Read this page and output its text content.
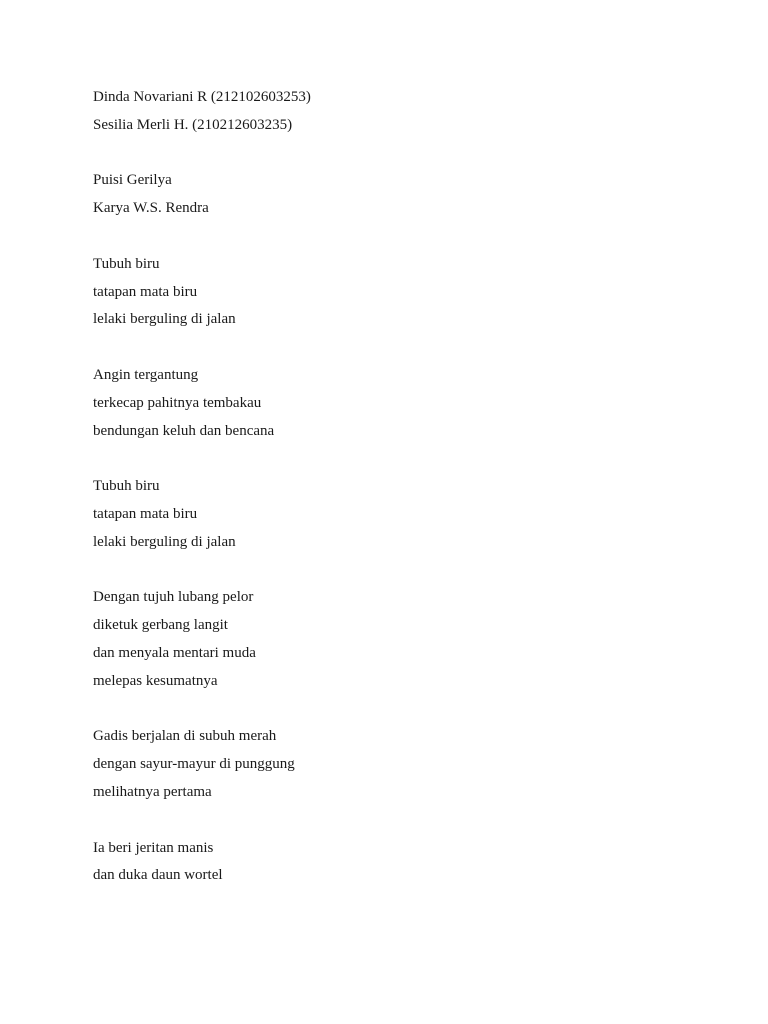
Dinda Novariani R (212102603253)
Sesilia Merli H. (210212603235)
Puisi Gerilya
Karya W.S. Rendra
Tubuh biru
tatapan mata biru
lelaki berguling di jalan
Angin tergantung
terkecap pahitnya tembakau
bendungan keluh dan bencana
Tubuh biru
tatapan mata biru
lelaki berguling di jalan
Dengan tujuh lubang pelor
diketuk gerbang langit
dan menyala mentari muda
melepas kesumatnya
Gadis berjalan di subuh merah
dengan sayur-mayur di punggung
melihatnya pertama
Ia beri jeritan manis
dan duka daun wortel
